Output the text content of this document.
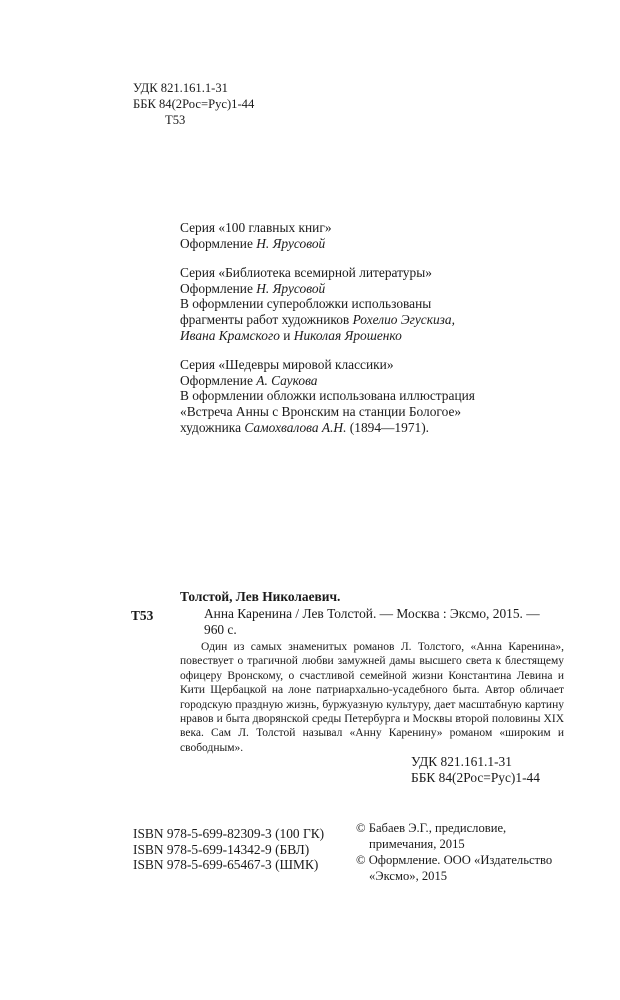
УДК 821.161.1-31
ББК 84(2Рос=Рус)1-44
Т53
Серия «100 главных книг»
Оформление Н. Ярусовой
Серия «Библиотека всемирной литературы»
Оформление Н. Ярусовой
В оформлении суперобложки использованы
фрагменты работ художников Рохелио Эгускиза,
Ивана Крамского и Николая Ярошенко
Серия «Шедевры мировой классики»
Оформление А. Саукова
В оформлении обложки использована иллюстрация
«Встреча Анны с Вронским на станции Бологое»
художника Самохвалова А.Н. (1894—1971).
Толстой, Лев Николаевич.
Т53	Анна Каренина / Лев Толстой. — Москва : Эксмо, 2015. —
960 с.

Один из самых знаменитых романов Л. Толстого, «Анна Каренина», повествует о трагичной любви замужней дамы высшего света к блестящему офицеру Вронскому, о счастливой семейной жизни Константина Левина и Кити Щербацкой на лоне патриархально-усадебного быта. Автор обличает городскую праздную жизнь, буржуазную культуру, дает масштабную картину нравов и быта дворянской среды Петербурга и Москвы второй половины XIX века. Сам Л. Толстой называл «Анну Каренину» романом «широким и свободным».

УДК 821.161.1-31
ББК 84(2Рос=Рус)1-44
ISBN 978-5-699-82309-3 (100 ГК)
ISBN 978-5-699-14342-9 (БВЛ)
ISBN 978-5-699-65467-3 (ШМК)
© Бабаев Э.Г., предисловие,
примечания, 2015
© Оформление. ООО «Издательство
«Эксмо», 2015
